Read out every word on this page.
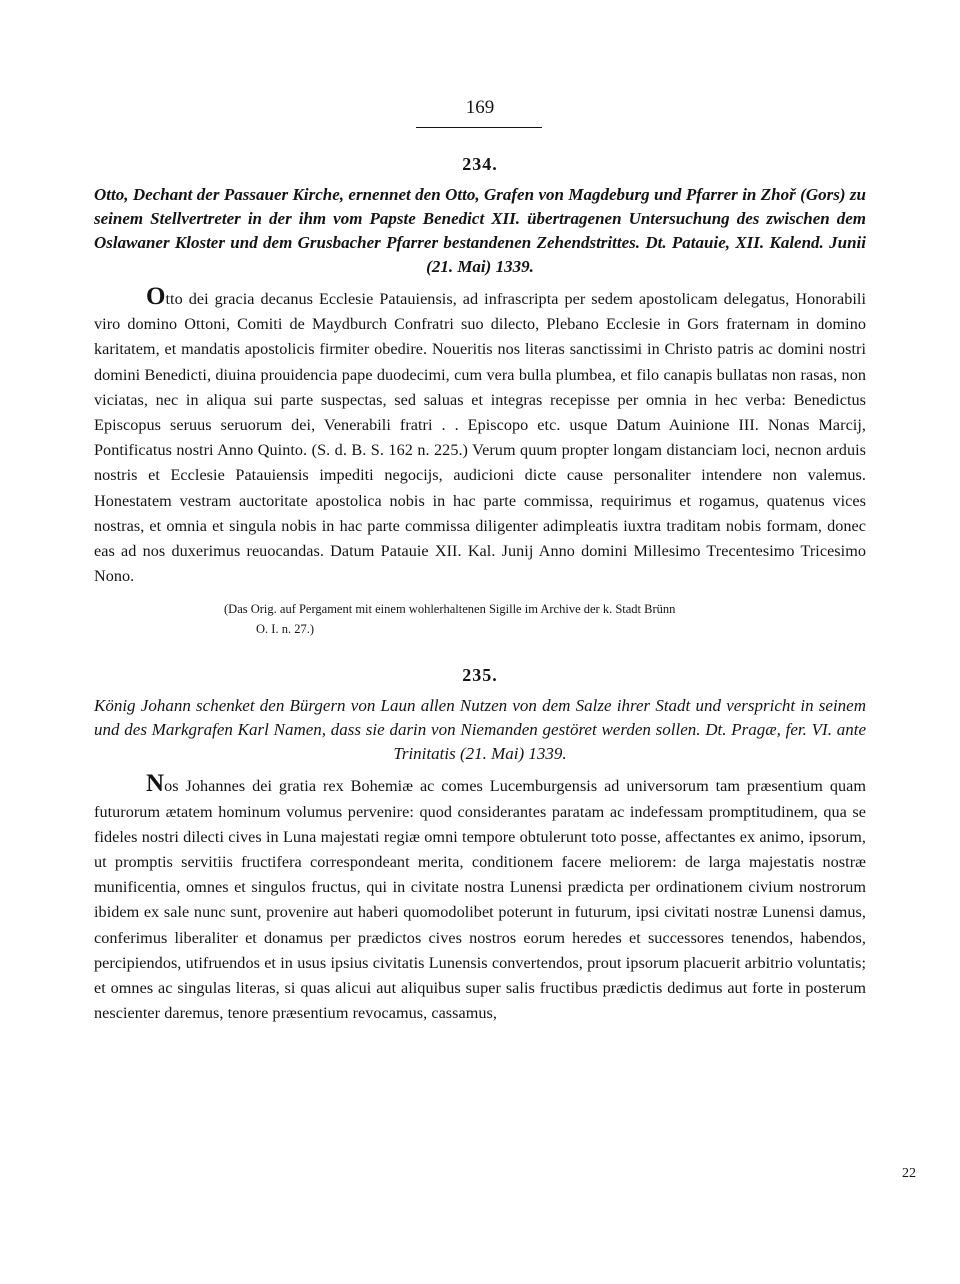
169
234.

Otto, Dechant der Passauer Kirche, ernennet den Otto, Grafen von Magdeburg und Pfarrer in Zhoř (Gors) zu seinem Stellvertreter in der ihm vom Papste Benedict XII. übertragenen Untersuchung des zwischen dem Oslawaner Kloster und dem Grusbacher Pfarrer bestandenen Zehendstrittes. Dt. Patauie, XII. Kalend. Junii (21. Mai) 1339.

Otto dei gracia decanus Ecclesie Patauiensis, ad infrascripta per sedem apostolicam delegatus, Honorabili viro domino Ottoni, Comiti de Maydburch Confratri suo dilecto, Plebano Ecclesie in Gors fraternam in domino karitatem, et mandatis apostolicis firmiter obedire. Noueritis nos literas sanctissimi in Christo patris ac domini nostri domini Benedicti, diuina prouidencia pape duodecimi, cum vera bulla plumbea, et filo canapis bullatas non rasas, non viciatas, nec in aliqua sui parte suspectas, sed saluas et integras recepisse per omnia in hec verba: Benedictus Episcopus seruus seruorum dei, Venerabili fratri . . Episcopo etc. usque Datum Auinione III. Nonas Marcij, Pontificatus nostri Anno Quinto. (S. d. B. S. 162 n. 225.) Verum quum propter longam distanciam loci, necnon arduis nostris et Ecclesie Patauiensis impediti negocijs, audicioni dicte cause personaliter intendere non valemus. Honestatem vestram auctoritate apostolica nobis in hac parte commissa, requirimus et rogamus, quatenus vices nostras, et omnia et singula nobis in hac parte commissa diligenter adimpleatis iuxtra traditam nobis formam, donec eas ad nos duxerimus reuocandas. Datum Patauie XII. Kal. Junij Anno domini Millesimo Trecentesimo Tricesimo Nono.

(Das Orig. auf Pergament mit einem wohlerhaltenen Sigille im Archive der k. Stadt Brünn
O. I. n. 27.)

235.

König Johann schenket den Bürgern von Laun allen Nutzen von dem Salze ihrer Stadt und verspricht in seinem und des Markgrafen Karl Namen, dass sie darin von Niemanden gestöret werden sollen. Dt. Pragæ, fer. VI. ante Trinitatis (21. Mai) 1339.

Nos Johannes dei gratia rex Bohemiæ ac comes Lucemburgensis ad universorum tam præsentium quam futurorum ætatem hominum volumus pervenire: quod considerantes paratam ac indefessam promptitudinem, qua se fideles nostri dilecti cives in Luna majestati regiæ omni tempore obtulerunt toto posse, affectantes ex animo, ipsorum, ut promptis servitiis fructifera correspondeant merita, conditionem facere meliorem: de larga majestatis nostræ munificentia, omnes et singulos fructus, qui in civitate nostra Lunensi prædicta per ordinationem civium nostrorum ibidem ex sale nunc sunt, provenire aut haberi quomodolibet poterunt in futurum, ipsi civitati nostræ Lunensi damus, conferimus liberaliter et donamus per prædictos cives nostros eorum heredes et successores tenendos, habendos, percipiendos, utifruendos et in usus ipsius civitatis Lunensis convertendos, prout ipsorum placuerit arbitrio voluntatis; et omnes ac singulas literas, si quas alicui aut aliquibus super salis fructibus prædictis dedimus aut forte in posterum nescienter daremus, tenore præsentium revocamus, cassamus,

22
